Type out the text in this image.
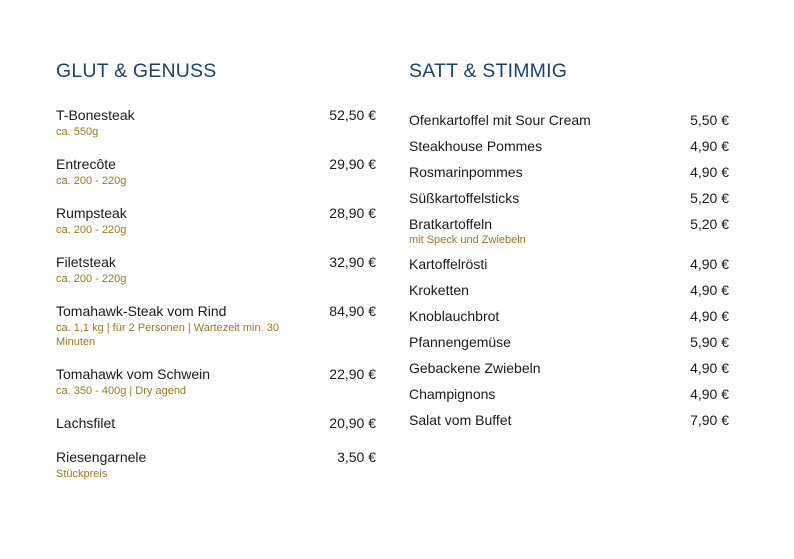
GLUT & GENUSS
T-Bonesteak	52,50 €
ca. 550g
Entrecôte	29,90 €
ca. 200 - 220g
Rumpsteak	28,90 €
ca. 200 - 220g
Filetsteak	32,90 €
ca. 200 - 220g
Tomahawk-Steak vom Rind	84,90 €
ca. 1,1 kg | für 2 Personen | Wartezeit min. 30 Minuten
Tomahawk vom Schwein	22,90 €
ca. 350 - 400g | Dry agend
Lachsfilet	20,90 €
Riesengarnele	3,50 €
Stückpreis
SATT & STIMMIG
Ofenkartoffel mit Sour Cream	5,50 €
Steakhouse Pommes	4,90 €
Rosmarinpommes	4,90 €
Süßkartoffelsticks	5,20 €
Bratkartoffeln	5,20 €
mit Speck und Zwiebeln
Kartoffelrösti	4,90 €
Kroketten	4,90 €
Knoblauchbrot	4,90 €
Pfannengemüse	5,90 €
Gebackene Zwiebeln	4,90 €
Champignons	4,90 €
Salat vom Buffet	7,90 €
